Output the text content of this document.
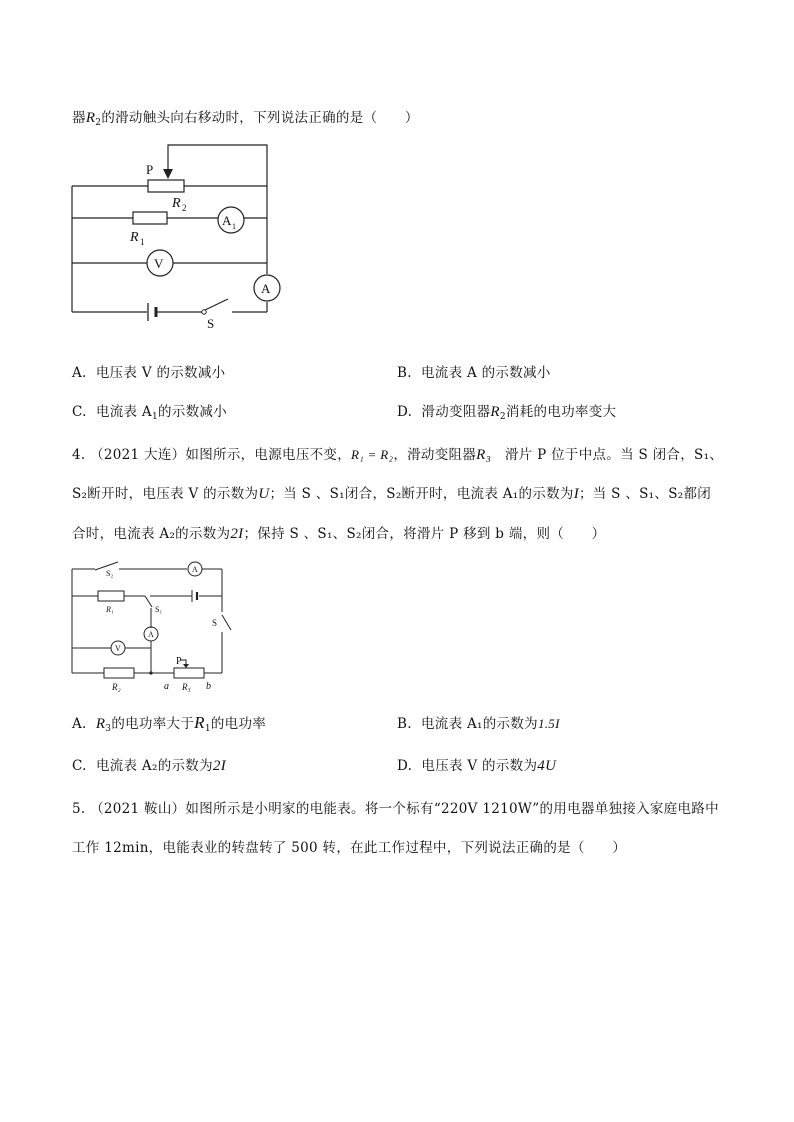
器$R_2$的滑动触头向右移动时，下列说法正确的是（　　）
P
R 2
R 1
A 1
V
A
S
A. 电压表 V 的示数减小	B. 电流表 A 的示数减小
C. 电流表 $A_1$的示数减小	D. 滑动变阻器$R_2$消耗的电功率变大
4. （2021 大连）如图所示，电源电压不变，R₁ = R₂，滑动变阻器R₃　滑片 P 位于中点。当 S 闭合，S₁、
S₂断开时，电压表 V 的示数为U；当 S 、S₁闭合，S₂断开时，电流表 A₁的示数为I；当 S 、S₁、S₂都闭
合时，电流表 A₂的示数为2I；保持 S 、S₁、S₂闭合，将滑片 P 移到 b 端，则（　　）
S₂	A
R₁	S₁
A
S
V
P
R₂	a R₃ b
A. $R_3$的电功率大于$R_1$的电功率	B. 电流表 A₁的示数为1.5I
C. 电流表 A₂的示数为2I	D. 电压表 V 的示数为4U
5. （2021 鞍山）如图所示是小明家的电能表。将一个标有“220V 1210W”的用电器单独接入家庭电路中
工作 12min，电能表业的转盘转了 500 转，在此工作过程中，下列说法正确的是（　　）
